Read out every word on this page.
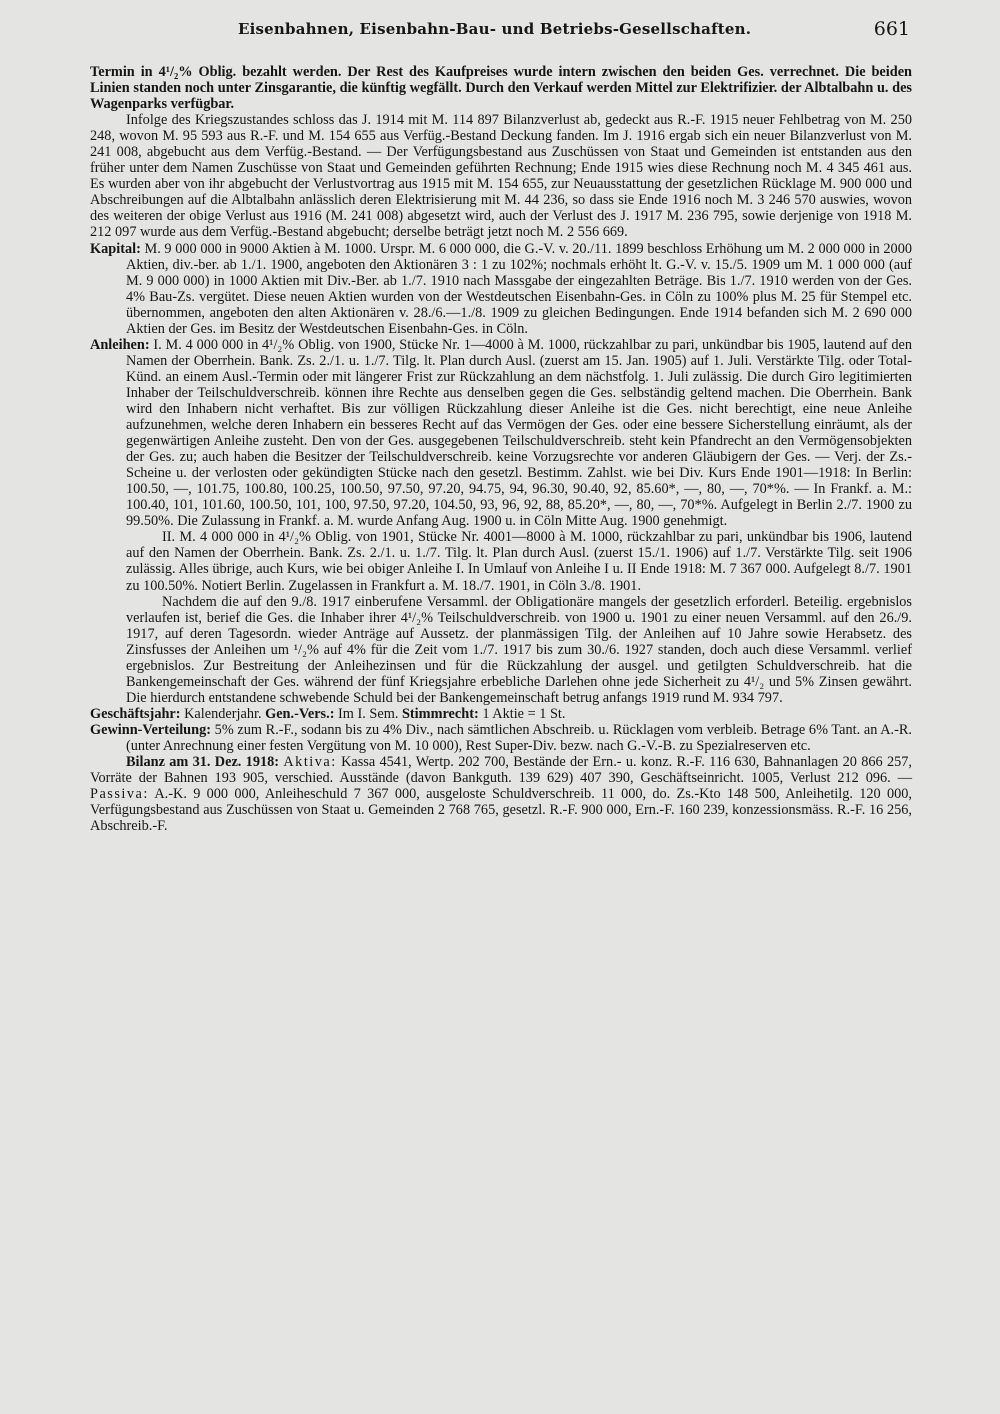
Eisenbahnen, Eisenbahn-Bau- und Betriebs-Gesellschaften.	661

Termin in 4¹/₂% Oblig. bezahlt werden. Der Rest des Kaufpreises wurde intern zwischen den beiden Ges. verrechnet. Die beiden Linien standen noch unter Zinsgarantie, die künftig wegfällt. Durch den Verkauf werden Mittel zur Elektrifizier. der Albtalbahn u. des Wagenparks verfügbar.

Infolge des Kriegszustandes schloss das J. 1914 mit M. 114 897 Bilanzverlust ab, gedeckt aus R.-F. 1915 neuer Fehlbetrag von M. 250 248, wovon M. 95 593 aus R.-F. und M. 154 655 aus Verfüg.-Bestand Deckung fanden. Im J. 1916 ergab sich ein neuer Bilanzverlust von M. 241 008, abgebucht aus dem Verfüg.-Bestand. — Der Verfügungsbestand aus Zuschüssen von Staat und Gemeinden ist entstanden aus den früher unter dem Namen Zuschüsse von Staat und Gemeinden geführten Rechnung; Ende 1915 wies diese Rechnung noch M. 4 345 461 aus. Es wurden aber von ihr abgebucht der Verlustvortrag aus 1915 mit M. 154 655, zur Neuausstattung der gesetzlichen Rücklage M. 900 000 und Abschreibungen auf die Albtalbahn anlässlich deren Elektrisierung mit M. 44 236, so dass sie Ende 1916 noch M. 3 246 570 auswies, wovon des weiteren der obige Verlust aus 1916 (M. 241 008) abgesetzt wird, auch der Verlust des J. 1917 M. 236 795, sowie derjenige von 1918 M. 212 097 wurde aus dem Verfüg.-Bestand abgebucht; derselbe beträgt jetzt noch M. 2 556 669.

Kapital: M. 9 000 000 in 9000 Aktien à M. 1000. Urspr. M. 6 000 000, die G.-V. v. 20./11. 1899 beschloss Erhöhung um M. 2 000 000 in 2000 Aktien, div.-ber. ab 1./1. 1900, angeboten den Aktionären 3 : 1 zu 102%; nochmals erhöht lt. G.-V. v. 15./5. 1909 um M. 1 000 000 (auf M. 9 000 000) in 1000 Aktien mit Div.-Ber. ab 1./7. 1910 nach Massgabe der eingezahlten Beträge. Bis 1./7. 1910 werden von der Ges. 4% Bau-Zs. vergütet. Diese neuen Aktien wurden von der Westdeutschen Eisenbahn-Ges. in Cöln zu 100% plus M. 25 für Stempel etc. übernommen, angeboten den alten Aktionären v. 28./6.—1./8. 1909 zu gleichen Bedingungen. Ende 1914 befanden sich M. 2 690 000 Aktien der Ges. im Besitz der Westdeutschen Eisenbahn-Ges. in Cöln.

Anleihen: I. M. 4 000 000 in 4¹/₂% Oblig. von 1900, Stücke Nr. 1—4000 à M. 1000, rückzahlbar zu pari, unkündbar bis 1905, lautend auf den Namen der Oberrhein. Bank. Zs. 2./1. u. 1./7. Tilg. lt. Plan durch Ausl. (zuerst am 15. Jan. 1905) auf 1. Juli. Verstärkte Tilg. oder Total-Künd. an einem Ausl.-Termin oder mit längerer Frist zur Rückzahlung an dem nächstfolg. 1. Juli zulässig. Die durch Giro legitimierten Inhaber der Teilschuldverschreib. können ihre Rechte aus denselben gegen die Ges. selbständig geltend machen. Die Oberrhein. Bank wird den Inhabern nicht verhaftet. Bis zur völligen Rückzahlung dieser Anleihe ist die Ges. nicht berechtigt, eine neue Anleihe aufzunehmen, welche deren Inhabern ein besseres Recht auf das Vermögen der Ges. oder eine bessere Sicherstellung einräumt, als der gegenwärtigen Anleihe zusteht. Den von der Ges. ausgegebenen Teilschuldverschreib. steht kein Pfandrecht an den Vermögensobjekten der Ges. zu; auch haben die Besitzer der Teilschuldverschreib. keine Vorzugsrechte vor anderen Gläubigern der Ges. — Verj. der Zs.-Scheine u. der verlosten oder gekündigten Stücke nach den gesetzl. Bestimm. Zahlst. wie bei Div. Kurs Ende 1901—1918: In Berlin: 100.50, —, 101.75, 100.80, 100.25, 100.50, 97.50, 97.20, 94.75, 94, 96.30, 90.40, 92, 85.60*, —, 80, —, 70*%. — In Frankf. a. M.: 100.40, 101, 101.60, 100.50, 101, 100, 97.50, 97.20, 104.50, 93, 96, 92, 88, 85.20*, —, 80, —, 70*%. Aufgelegt in Berlin 2./7. 1900 zu 99.50%. Die Zulassung in Frankf. a. M. wurde Anfang Aug. 1900 u. in Cöln Mitte Aug. 1900 genehmigt.

II. M. 4 000 000 in 4¹/₂% Oblig. von 1901, Stücke Nr. 4001—8000 à M. 1000, rückzahlbar zu pari, unkündbar bis 1906, lautend auf den Namen der Oberrhein. Bank. Zs. 2./1. u. 1./7. Tilg. lt. Plan durch Ausl. (zuerst 15./1. 1906) auf 1./7. Verstärkte Tilg. seit 1906 zulässig. Alles übrige, auch Kurs, wie bei obiger Anleihe I. In Umlauf von Anleihe I u. II Ende 1918: M. 7 367 000. Aufgelegt 8./7. 1901 zu 100.50%. Notiert Berlin. Zugelassen in Frankfurt a. M. 18./7. 1901, in Cöln 3./8. 1901.

Nachdem die auf den 9./8. 1917 einberufene Versamml. der Obligationäre mangels der gesetzlich erforderl. Beteilig. ergebnislos verlaufen ist, berief die Ges. die Inhaber ihrer 4¹/₂% Teilschuldverschreib. von 1900 u. 1901 zu einer neuen Versamml. auf den 26./9. 1917, auf deren Tagesordn. wieder Anträge auf Aussetz. der planmässigen Tilg. der Anleihen auf 10 Jahre sowie Herabsetz. des Zinsfusses der Anleihen um ¹/₂% auf 4% für die Zeit vom 1./7. 1917 bis zum 30./6. 1927 standen, doch auch diese Versamml. verlief ergebnislos. Zur Bestreitung der Anleihezinsen und für die Rückzahlung der ausgel. und getilgten Schuldverschreib. hat die Bankengemeinschaft der Ges. während der fünf Kriegsjahre erbebliche Darlehen ohne jede Sicherheit zu 4¹/₂ und 5% Zinsen gewährt. Die hierdurch entstandene schwebende Schuld bei der Bankengemeinschaft betrug anfangs 1919 rund M. 934 797.

Geschäftsjahr: Kalenderjahr. Gen.-Vers.: Im I. Sem. Stimmrecht: 1 Aktie = 1 St.

Gewinn-Verteilung: 5% zum R.-F., sodann bis zu 4% Div., nach sämtlichen Abschreib. u. Rücklagen vom verbleib. Betrage 6% Tant. an A.-R. (unter Anrechnung einer festen Vergütung von M. 10 000), Rest Super-Div. bezw. nach G.-V.-B. zu Spezialreserven etc.

Bilanz am 31. Dez. 1918: Aktiva: Kassa 4541, Wertp. 202 700, Bestände der Ern.- u. konz. R.-F. 116 630, Bahnanlagen 20 866 257, Vorräte der Bahnen 193 905, verschied. Ausstände (davon Bankguth. 139 629) 407 390, Geschäftseinricht. 1005, Verlust 212 096. — Passiva: A.-K. 9 000 000, Anleiheschuld 7 367 000, ausgeloste Schuldverschreib. 11 000, do. Zs.-Kto 148 500, Anleihetilg. 120 000, Verfügungsbestand aus Zuschüssen von Staat u. Gemeinden 2 768 765, gesetzl. R.-F. 900 000, Ern.-F. 160 239, konzessionsmäss. R.-F. 16 256, Abschreib.-F.
